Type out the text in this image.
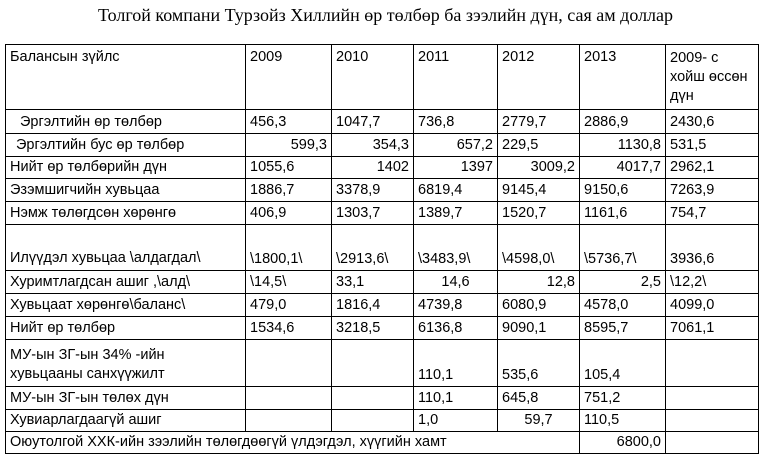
Толгой компани Турзойз Хиллийн өр төлбөр ба зээлийн дүн, сая ам доллар
Балансын зүйлс	2009	2010	2011	2012	2013	2009- с хойш өссөн дүн
Эргэлтийн өр төлбөр	456,3	1047,7	736,8	2779,7	2886,9	2430,6
Эргэлтийн бус өр төлбөр	599,3	354,3	657,2	229,5	1130,8	531,5
Нийт өр төлбөрийн дүн	1055,6	1402	1397	3009,2	4017,7	2962,1
Эзэмшигчийн хувьцаа	1886,7	3378,9	6819,4	9145,4	9150,6	7263,9
Нэмж төлөгдсөн хөрөнгө	406,9	1303,7	1389,7	1520,7	1161,6	754,7
Илүүдэл хувьцаа \алдагдал\	\1800,1\	\2913,6\	\3483,9\	\4598,0\	\5736,7\	3936,6
Хуримтлагдсан ашиг ,\алд\	\14,5\	33,1	14,6	12,8	2,5	\12,2\
Хувьцаат хөрөнгө\баланс\	479,0	1816,4	4739,8	6080,9	4578,0	4099,0
Нийт өр төлбөр	1534,6	3218,5	6136,8	9090,1	8595,7	7061,1
МУ-ын ЗГ-ын 34% -ийн хувьцааны санхүүжилт			110,1	535,6	105,4	
МУ-ын ЗГ-ын төлөх дүн			110,1	645,8	751,2	
Хувиарлагдаагүй ашиг			1,0	59,7	110,5	
Оюутолгой ХХК-ийн зээлийн төлөгдөөгүй үлдэгдэл, хүүгийн хамт					6800,0	
